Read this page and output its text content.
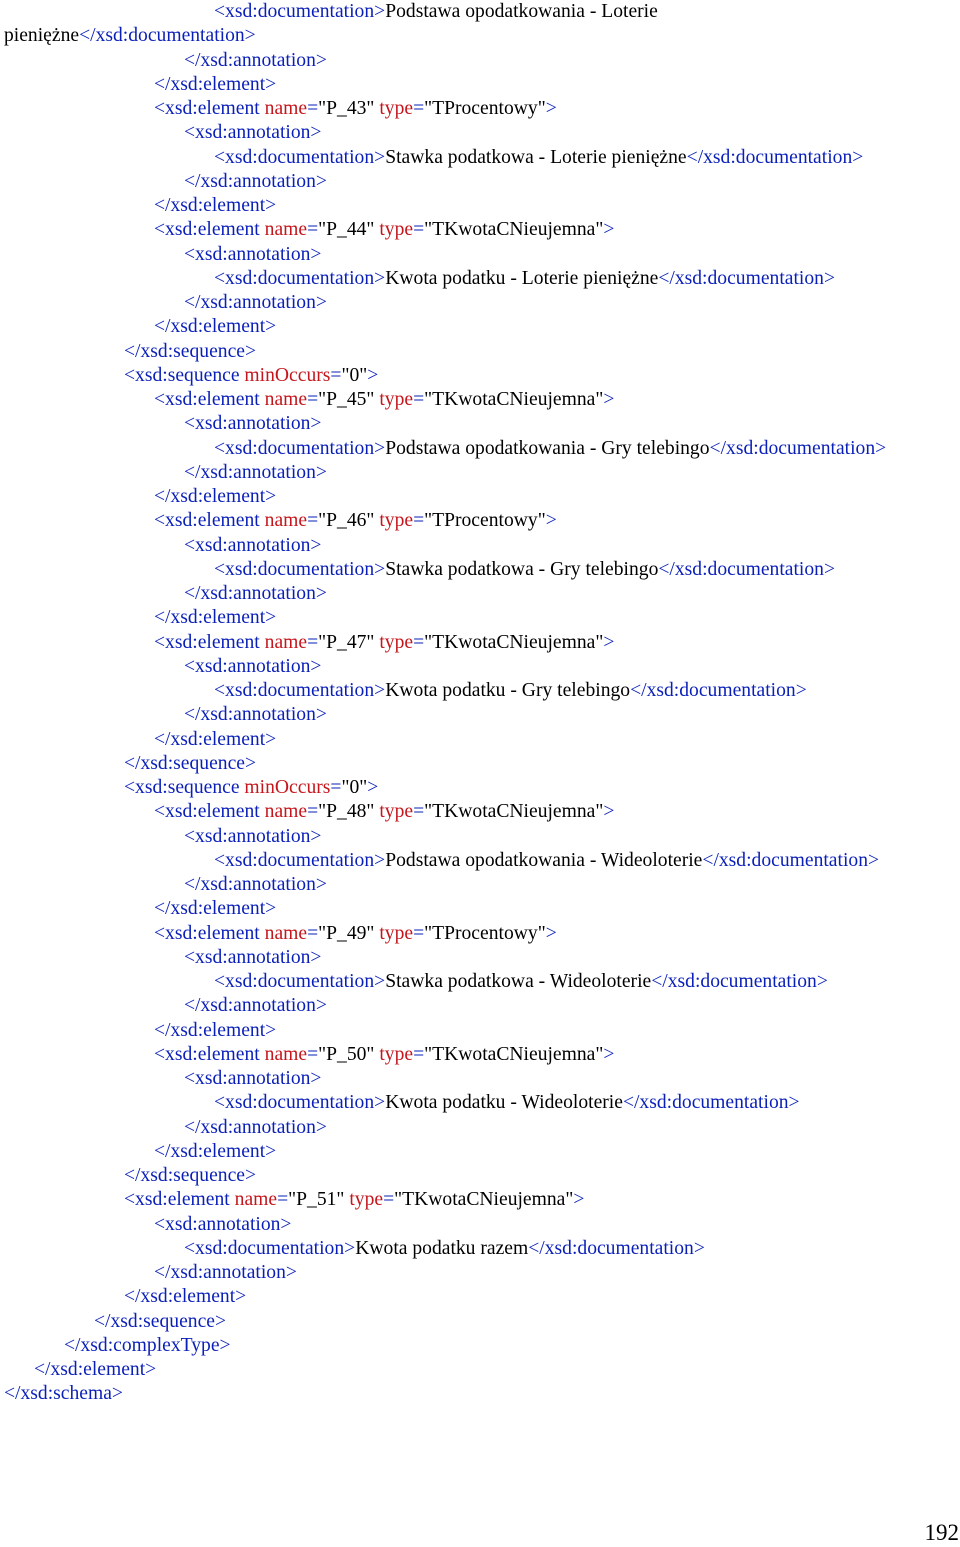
<xsd:documentation>Podstawa opodatkowania - Loterie
pieniężne</xsd:documentation>
</xsd:annotation>
</xsd:element>
<xsd:element name="P_43" type="TProcentowy">
<xsd:annotation>
<xsd:documentation>Stawka podatkowa - Loterie pieniężne</xsd:documentation>
</xsd:annotation>
</xsd:element>
<xsd:element name="P_44" type="TKwotaCNieujemna">
<xsd:annotation>
<xsd:documentation>Kwota podatku - Loterie pieniężne</xsd:documentation>
</xsd:annotation>
</xsd:element>
</xsd:sequence>
<xsd:sequence minOccurs="0">
<xsd:element name="P_45" type="TKwotaCNieujemna">
<xsd:annotation>
<xsd:documentation>Podstawa opodatkowania - Gry telebingo</xsd:documentation>
</xsd:annotation>
</xsd:element>
<xsd:element name="P_46" type="TProcentowy">
<xsd:annotation>
<xsd:documentation>Stawka podatkowa - Gry telebingo</xsd:documentation>
</xsd:annotation>
</xsd:element>
<xsd:element name="P_47" type="TKwotaCNieujemna">
<xsd:annotation>
<xsd:documentation>Kwota podatku - Gry telebingo</xsd:documentation>
</xsd:annotation>
</xsd:element>
</xsd:sequence>
<xsd:sequence minOccurs="0">
<xsd:element name="P_48" type="TKwotaCNieujemna">
<xsd:annotation>
<xsd:documentation>Podstawa opodatkowania - Wideoloterie</xsd:documentation>
</xsd:annotation>
</xsd:element>
<xsd:element name="P_49" type="TProcentowy">
<xsd:annotation>
<xsd:documentation>Stawka podatkowa - Wideoloterie</xsd:documentation>
</xsd:annotation>
</xsd:element>
<xsd:element name="P_50" type="TKwotaCNieujemna">
<xsd:annotation>
<xsd:documentation>Kwota podatku - Wideoloterie</xsd:documentation>
</xsd:annotation>
</xsd:element>
</xsd:sequence>
<xsd:element name="P_51" type="TKwotaCNieujemna">
<xsd:annotation>
<xsd:documentation>Kwota podatku razem</xsd:documentation>
</xsd:annotation>
</xsd:element>
</xsd:sequence>
</xsd:complexType>
</xsd:element>
</xsd:schema>
192
